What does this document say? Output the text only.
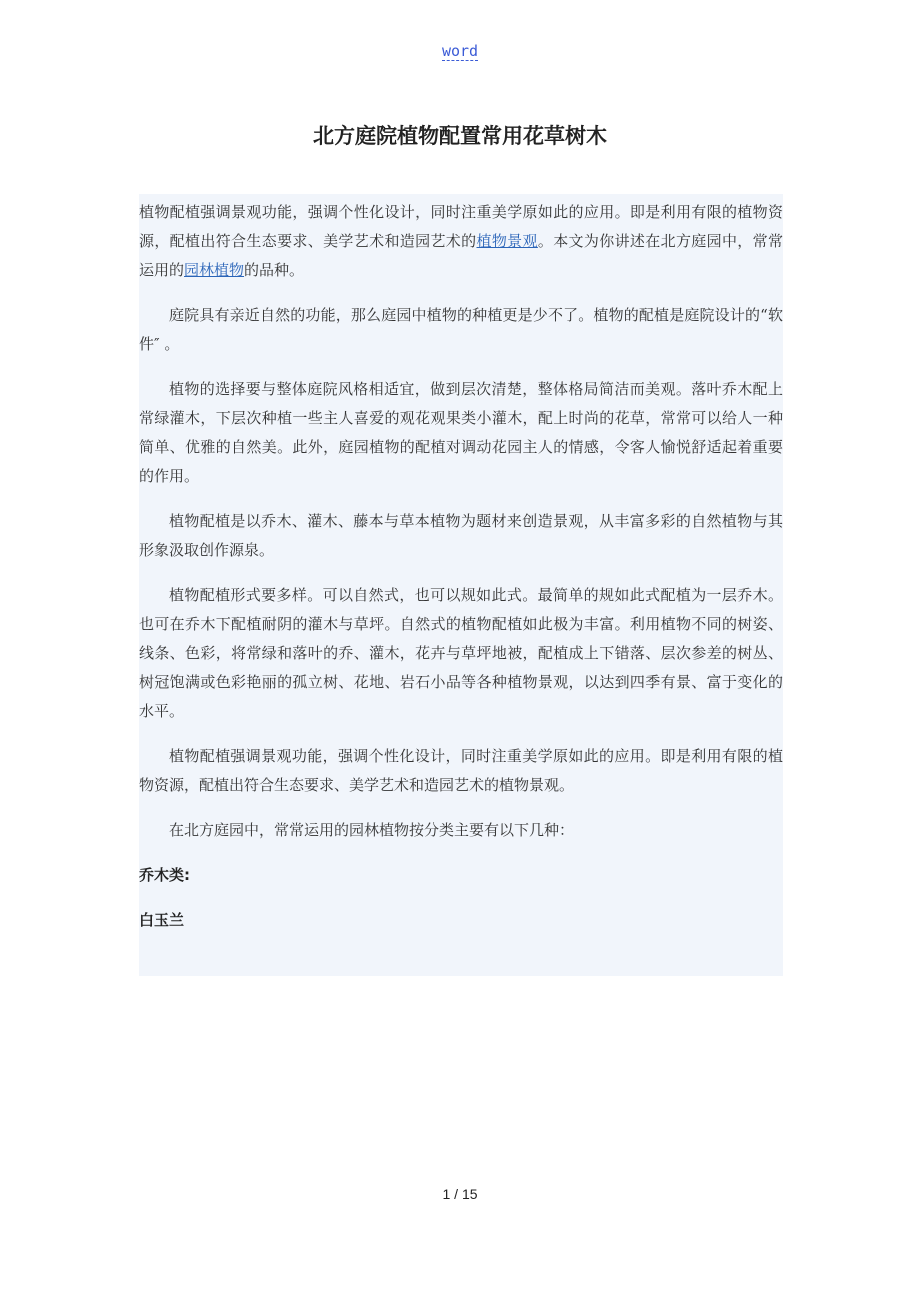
word
北方庭院植物配置常用花草树木

植物配植强调景观功能，强调个性化设计，同时注重美学原如此的应用。即是利用有限的植物资源，配植出符合生态要求、美学艺术和造园艺术的植物景观。本文为你讲述在北方庭园中，常常运用的园林植物的品种。

庭院具有亲近自然的功能，那么庭园中植物的种植更是少不了。植物的配植是庭院设计的“软件″ 。

植物的选择要与整体庭院风格相适宜，做到层次清楚，整体格局简洁而美观。落叶乔木配上常绿灌木，下层次种植一些主人喜爱的观花观果类小灌木，配上时尚的花草，常常可以给人一种简单、优雅的自然美。此外，庭园植物的配植对调动花园主人的情感，令客人愉悦舒适起着重要的作用。

植物配植是以乔木、灌木、藤本与草本植物为题材来创造景观，从丰富多彩的自然植物与其形象汲取创作源泉。

植物配植形式要多样。可以自然式，也可以规如此式。最简单的规如此式配植为一层乔木。也可在乔木下配植耐阴的灌木与草坪。自然式的植物配植如此极为丰富。利用植物不同的树姿、线条、色彩，将常绿和落叶的乔、灌木，花卉与草坪地被，配植成上下错落、层次参差的树丛、树冠饱满或色彩艳丽的孤立树、花地、岩石小品等各种植物景观，以达到四季有景、富于变化的水平。

植物配植强调景观功能，强调个性化设计，同时注重美学原如此的应用。即是利用有限的植物资源，配植出符合生态要求、美学艺术和造园艺术的植物景观。

在北方庭园中，常常运用的园林植物按分类主要有以下几种：

乔木类:

白玉兰

1 / 15
